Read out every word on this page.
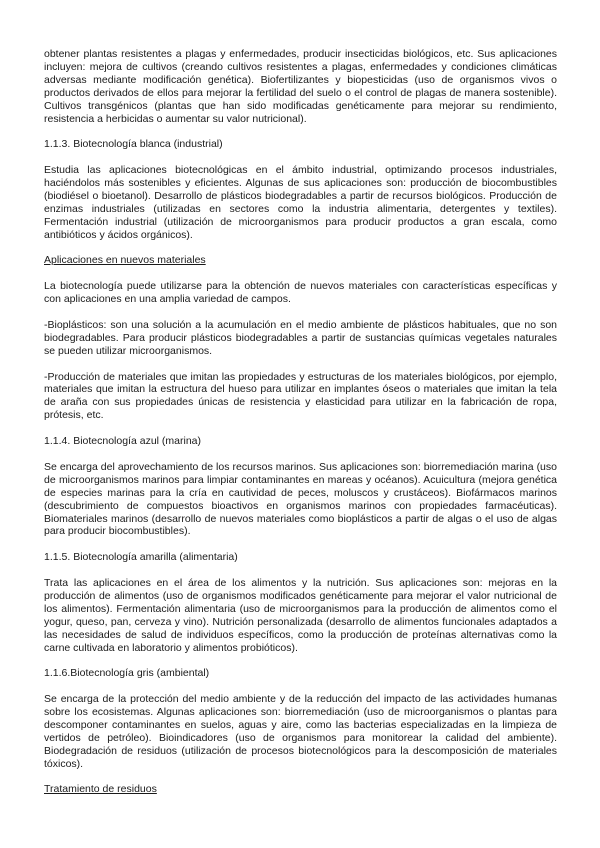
obtener plantas resistentes a plagas y enfermedades, producir insecticidas biológicos, etc. Sus aplicaciones incluyen: mejora de cultivos (creando cultivos resistentes a plagas, enfermedades y condiciones climáticas adversas mediante modificación genética). Biofertilizantes y biopesticidas (uso de organismos vivos o productos derivados de ellos para mejorar la fertilidad del suelo o el control de plagas de manera sostenible). Cultivos transgénicos (plantas que han sido modificadas genéticamente para mejorar su rendimiento, resistencia a herbicidas o aumentar su valor nutricional).

1.1.3. Biotecnología blanca (industrial)

Estudia las aplicaciones biotecnológicas en el ámbito industrial, optimizando procesos industriales, haciéndolos más sostenibles y eficientes. Algunas de sus aplicaciones son: producción de biocombustibles (biodiésel o bioetanol). Desarrollo de plásticos biodegradables a partir de recursos biológicos. Producción de enzimas industriales (utilizadas en sectores como la industria alimentaria, detergentes y textiles). Fermentación industrial (utilización de microorganismos para producir productos a gran escala, como antibióticos y ácidos orgánicos).

Aplicaciones en nuevos materiales

La biotecnología puede utilizarse para la obtención de nuevos materiales con características específicas y con aplicaciones en una amplia variedad de campos.

-Bioplásticos: son una solución a la acumulación en el medio ambiente de plásticos habituales, que no son biodegradables. Para producir plásticos biodegradables a partir de sustancias químicas vegetales naturales se pueden utilizar microorganismos.

-Producción de materiales que imitan las propiedades y estructuras de los materiales biológicos, por ejemplo, materiales que imitan la estructura del hueso para utilizar en implantes óseos o materiales que imitan la tela de araña con sus propiedades únicas de resistencia y elasticidad para utilizar en la fabricación de ropa, prótesis, etc.

1.1.4. Biotecnología azul (marina)

Se encarga del aprovechamiento de los recursos marinos. Sus aplicaciones son: biorremediación marina (uso de microorganismos marinos para limpiar contaminantes en mareas y océanos). Acuicultura (mejora genética de especies marinas para la cría en cautividad de peces, moluscos y crustáceos). Biofármacos marinos (descubrimiento de compuestos bioactivos en organismos marinos con propiedades farmacéuticas). Biomateriales marinos (desarrollo de nuevos materiales como bioplásticos a partir de algas o el uso de algas para producir biocombustibles).

1.1.5. Biotecnología amarilla (alimentaria)

Trata las aplicaciones en el área de los alimentos y la nutrición. Sus aplicaciones son: mejoras en la producción de alimentos (uso de organismos modificados genéticamente para mejorar el valor nutricional de los alimentos). Fermentación alimentaria (uso de microorganismos para la producción de alimentos como el yogur, queso, pan, cerveza y vino). Nutrición personalizada (desarrollo de alimentos funcionales adaptados a las necesidades de salud de individuos específicos, como la producción de proteínas alternativas como la carne cultivada en laboratorio y alimentos probióticos).

1.1.6.Biotecnología gris (ambiental)

Se encarga de la protección del medio ambiente y de la reducción del impacto de las actividades humanas sobre los ecosistemas. Algunas aplicaciones son: biorremediación (uso de microorganismos o plantas para descomponer contaminantes en suelos, aguas y aire, como las bacterias especializadas en la limpieza de vertidos de petróleo). Bioindicadores (uso de organismos para monitorear la calidad del ambiente). Biodegradación de residuos (utilización de procesos biotecnológicos para la descomposición de materiales tóxicos).

Tratamiento de residuos
